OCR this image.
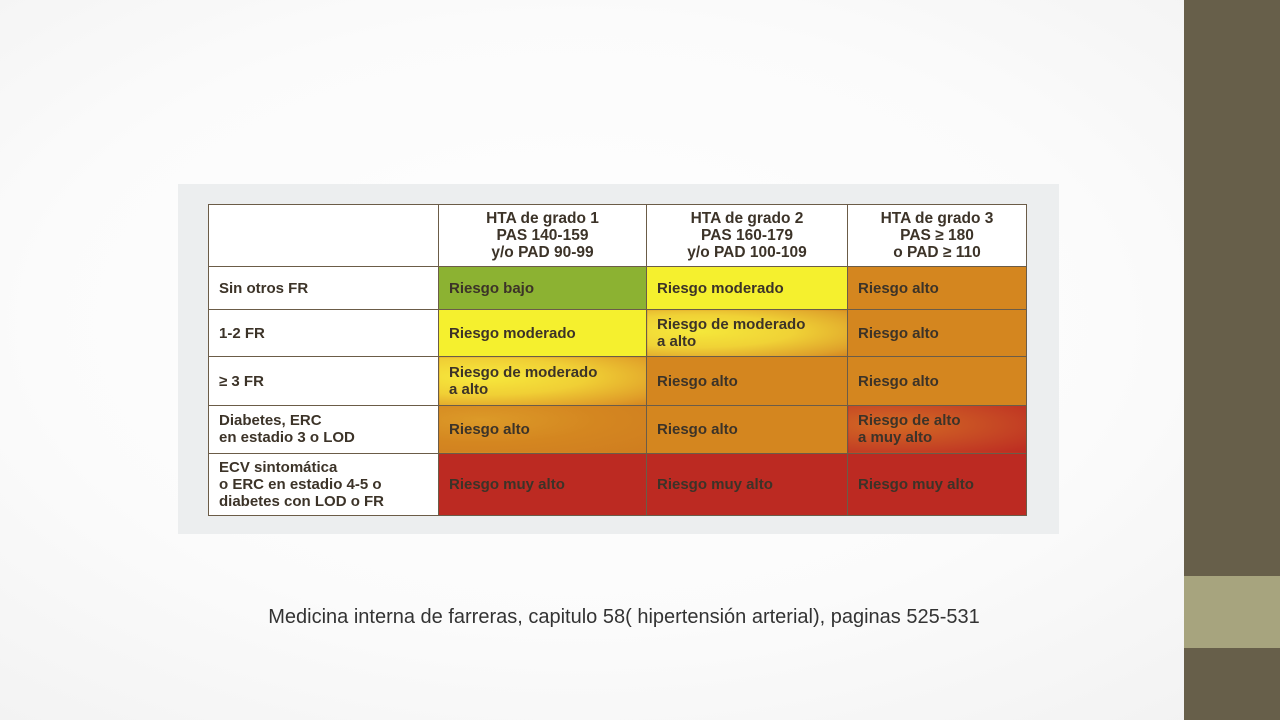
	HTA de grado 1
PAS 140-159
y/o PAD 90-99	HTA de grado 2
PAS 160-179
y/o PAD 100-109	HTA de grado 3
PAS ≥ 180
o PAD ≥ 110

Sin otros FR	Riesgo bajo	Riesgo moderado	Riesgo alto

1-2 FR	Riesgo moderado	Riesgo de moderado
a alto	Riesgo alto

≥ 3 FR	Riesgo de moderado
a alto	Riesgo alto	Riesgo alto

Diabetes, ERC
en estadio 3 o LOD	Riesgo alto	Riesgo alto	Riesgo de alto
a muy alto

ECV sintomática
o ERC en estadio 4-5 o
diabetes con LOD o FR	Riesgo muy alto	Riesgo muy alto	Riesgo muy alto
Medicina interna de farreras, capitulo 58( hipertensión arterial), paginas 525-531
